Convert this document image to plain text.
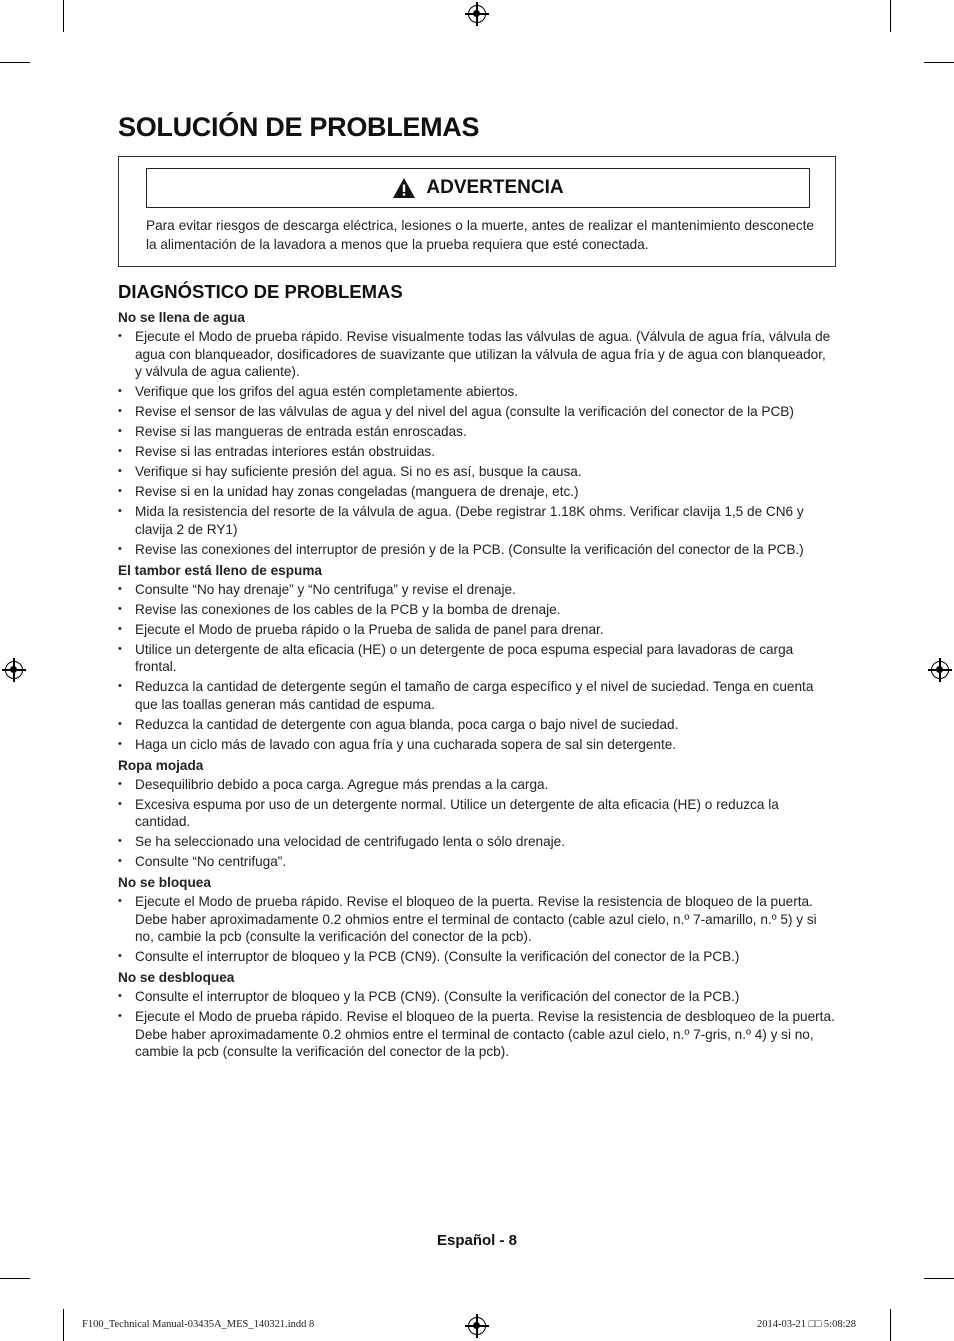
SOLUCIÓN DE PROBLEMAS
ADVERTENCIA
Para evitar riesgos de descarga eléctrica, lesiones o la muerte, antes de realizar el mantenimiento desconecte la alimentación de la lavadora a menos que la prueba requiera que esté conectada.
DIAGNÓSTICO DE PROBLEMAS
No se llena de agua
• Ejecute el Modo de prueba rápido. Revise visualmente todas las válvulas de agua. (Válvula de agua fría, válvula de agua con blanqueador, dosificadores de suavizante que utilizan la válvula de agua fría y de agua con blanqueador, y válvula de agua caliente).
• Verifique que los grifos del agua estén completamente abiertos.
• Revise el sensor de las válvulas de agua y del nivel del agua (consulte la verificación del conector de la PCB)
• Revise si las mangueras de entrada están enroscadas.
• Revise si las entradas interiores están obstruidas.
• Verifique si hay suficiente presión del agua. Si no es así, busque la causa.
• Revise si en la unidad hay zonas congeladas (manguera de drenaje, etc.)
• Mida la resistencia del resorte de la válvula de agua. (Debe registrar 1.18K ohms. Verificar clavija 1,5 de CN6 y clavija 2 de RY1)
• Revise las conexiones del interruptor de presión y de la PCB. (Consulte la verificación del conector de la PCB.)
El tambor está lleno de espuma
• Consulte “No hay drenaje” y “No centrifuga” y revise el drenaje.
• Revise las conexiones de los cables de la PCB y la bomba de drenaje.
• Ejecute el Modo de prueba rápido o la Prueba de salida de panel para drenar.
• Utilice un detergente de alta eficacia (HE) o un detergente de poca espuma especial para lavadoras de carga frontal.
• Reduzca la cantidad de detergente según el tamaño de carga específico y el nivel de suciedad. Tenga en cuenta que las toallas generan más cantidad de espuma.
• Reduzca la cantidad de detergente con agua blanda, poca carga o bajo nivel de suciedad.
• Haga un ciclo más de lavado con agua fría y una cucharada sopera de sal sin detergente.
Ropa mojada
• Desequilibrio debido a poca carga. Agregue más prendas a la carga.
• Excesiva espuma por uso de un detergente normal. Utilice un detergente de alta eficacia (HE) o reduzca la cantidad.
• Se ha seleccionado una velocidad de centrifugado lenta o sólo drenaje.
• Consulte “No centrifuga”.
No se bloquea
• Ejecute el Modo de prueba rápido. Revise el bloqueo de la puerta. Revise la resistencia de bloqueo de la puerta. Debe haber aproximadamente 0.2 ohmios entre el terminal de contacto (cable azul cielo, n.º 7-amarillo, n.º 5) y si no, cambie la pcb (consulte la verificación del conector de la pcb).
• Consulte el interruptor de bloqueo y la PCB (CN9). (Consulte la verificación del conector de la PCB.)
No se desbloquea
• Consulte el interruptor de bloqueo y la PCB (CN9). (Consulte la verificación del conector de la PCB.)
• Ejecute el Modo de prueba rápido. Revise el bloqueo de la puerta. Revise la resistencia de desbloqueo de la puerta. Debe haber aproximadamente 0.2 ohmios entre el terminal de contacto (cable azul cielo, n.º 7-gris, n.º 4) y si no, cambie la pcb (consulte la verificación del conector de la pcb).
Español - 8
F100_Technical Manual-03435A_MES_140321.indd 8	2014-03-21 □□ 5:08:28
